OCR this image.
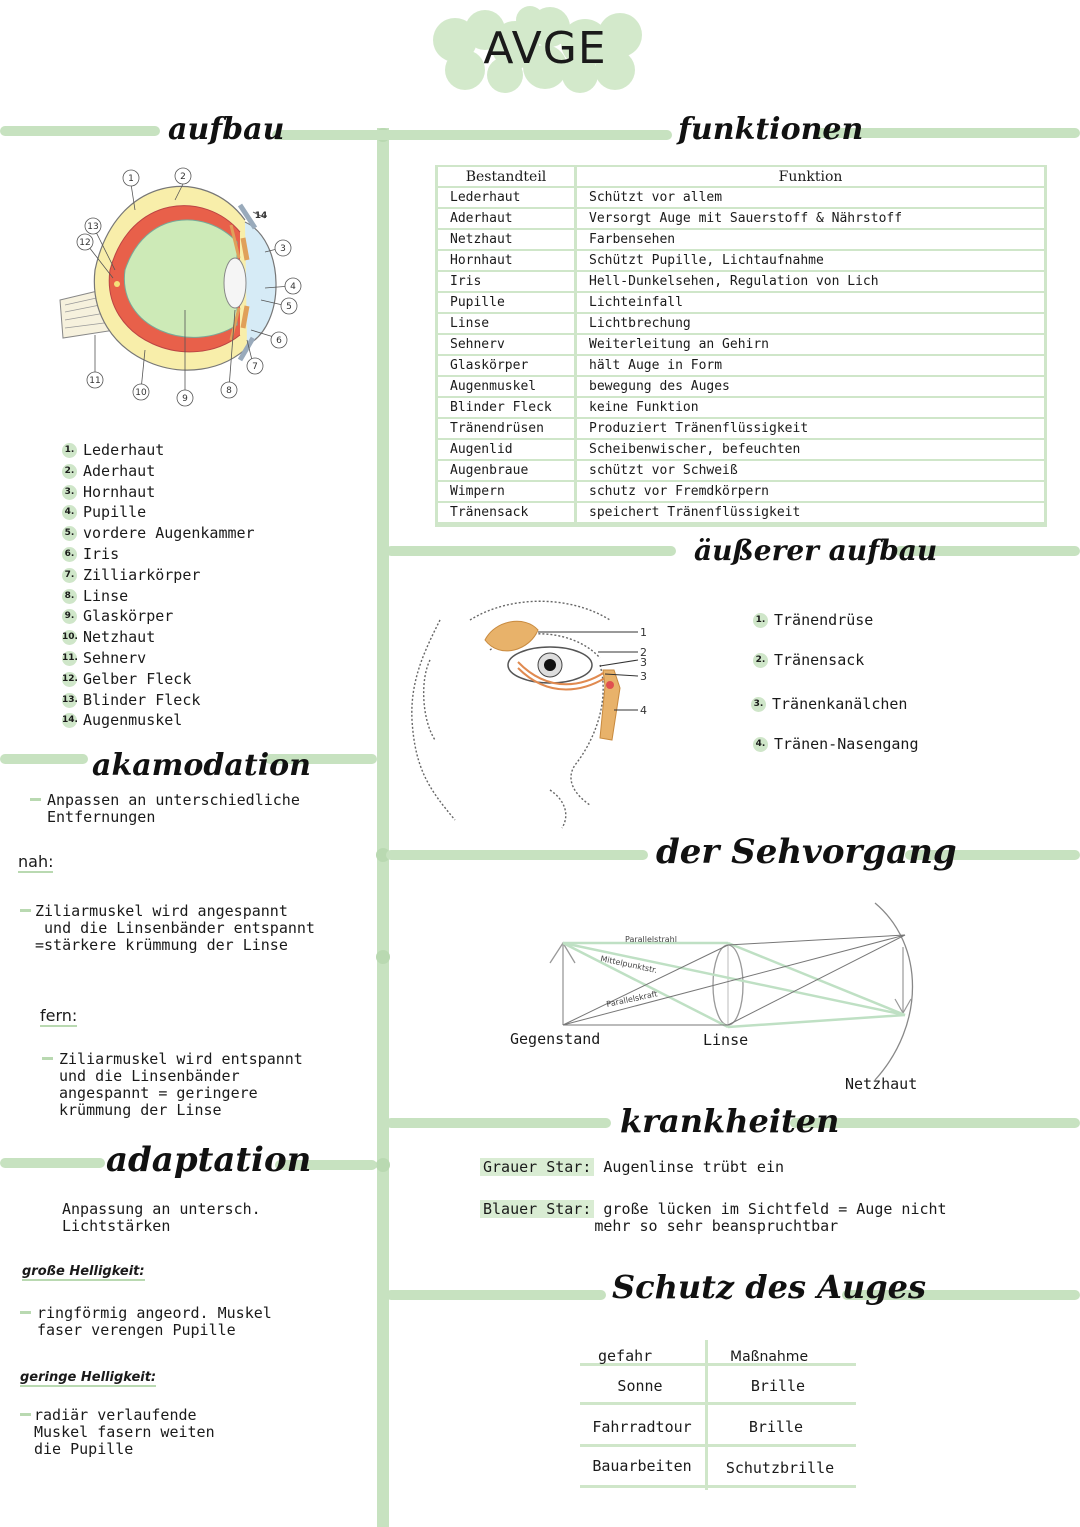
AVGE
aufbau	funktionen
äußerer aufbau
akamodation
der Sehvorgang
krankheiten
adaptation
Schutz des Auges
1	2
3
4
5
6
7
8
9
10
11
12
13
14
1. Lederhaut
2. Aderhaut
3. Hornhaut
4. Pupille
5. vordere Augenkammer
6. Iris
7. Zilliarkörper
8. Linse
9. Glaskörper
10. Netzhaut
11. Sehnerv
12. Gelber Fleck
13. Blinder Fleck
14. Augenmuskel
Bestandteil	Funktion
Lederhaut	Schützt vor allem
Aderhaut	Versorgt Auge mit Sauerstoff & Nährstoff
Netzhaut	Farbensehen
Hornhaut	Schützt Pupille, Lichtaufnahme
Iris	Hell-Dunkelsehen, Regulation von Lich
Pupille	Lichteinfall
Linse	Lichtbrechung
Sehnerv	Weiterleitung an Gehirn
Glaskörper	hält Auge in Form
Augenmuskel	bewegung des Auges
Blinder Fleck	keine Funktion
Tränendrüsen	Produziert Tränenflüssigkeit
Augenlid	Scheibenwischer, befeuchten
Augenbraue	schützt vor Schweiß
Wimpern	schutz vor Fremdkörpern
Tränensack	speichert Tränenflüssigkeit
1
2
3
3
4
1. Tränendrüse
2. Tränensack
3. Tränenkanälchen
4. Tränen-Nasengang
Anpassen an unterschiedliche
Entfernungen
nah:
Ziliarmuskel wird angespannt
und die Linsenbänder entspannt
=stärkere krümmung der Linse
fern:
Ziliarmuskel wird entspannt
und die Linsenbänder
angespannt = geringere
krümmung der Linse
Parallelstrahl
Mittelpunktstr.
Parallelskraft
Gegenstand	Linse
Netzhaut
Anpassung an untersch.
Lichtstärken
große Helligkeit:
ringförmig angeord. Muskel
faser verengen Pupille
geringe Helligkeit:
radiär verlaufende
Muskel fasern weiten
die Pupille
Grauer Star: Augenlinse trübt ein
Blauer Star: große lücken im Sichtfeld = Auge nicht
mehr so sehr beanspruchtbar
gefahr	Maßnahme
Sonne	Brille
Fahrradtour	Brille
Bauarbeiten	Schutzbrille
